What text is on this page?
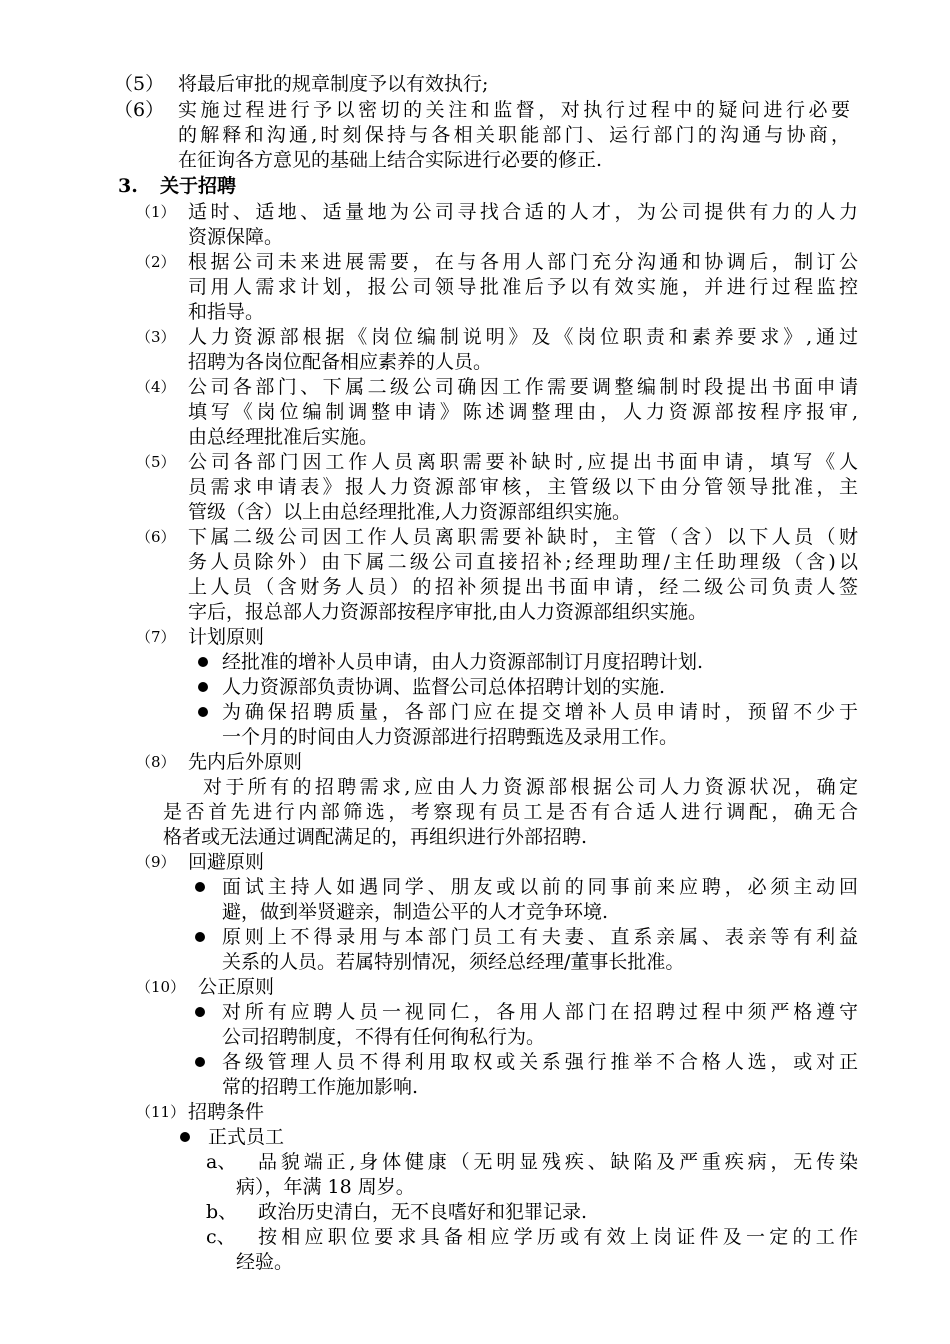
（5） 将最后审批的规章制度予以有效执行;
（6） 实施过程进行予以密切的关注和监督，对执行过程中的疑问进行必要
的解释和沟通,时刻保持与各相关职能部门、运行部门的沟通与协商，
在征询各方意见的基础上结合实际进行必要的修正.
3. 关于招聘
（1） 适时、适地、适量地为公司寻找合适的人才，为公司提供有力的人力
资源保障。
（2） 根据公司未来进展需要，在与各用人部门充分沟通和协调后，制订公
司用人需求计划，报公司领导批准后予以有效实施，并进行过程监控
和指导。
（3） 人力资源部根据《岗位编制说明》及《岗位职责和素养要求》,通过
招聘为各岗位配备相应素养的人员。
（4） 公司各部门、下属二级公司确因工作需要调整编制时段提出书面申请
填写《岗位编制调整申请》陈述调整理由，人力资源部按程序报审,
由总经理批准后实施。
（5） 公司各部门因工作人员离职需要补缺时,应提出书面申请，填写《人
员需求申请表》报人力资源部审核，主管级以下由分管领导批准，主
管级（含）以上由总经理批准,人力资源部组织实施。
（6） 下属二级公司因工作人员离职需要补缺时，主管（含）以下人员（财
务人员除外）由下属二级公司直接招补;经理助理/主任助理级（含)以
上人员（含财务人员）的招补须提出书面申请，经二级公司负责人签
字后，报总部人力资源部按程序审批,由人力资源部组织实施。
（7） 计划原则
经批准的增补人员申请，由人力资源部制订月度招聘计划.
人力资源部负责协调、监督公司总体招聘计划的实施.
为确保招聘质量，各部门应在提交增补人员申请时，预留不少于
一个月的时间由人力资源部进行招聘甄选及录用工作。
（8） 先内后外原则
对于所有的招聘需求,应由人力资源部根据公司人力资源状况，确定
是否首先进行内部筛选，考察现有员工是否有合适人进行调配，确无合
格者或无法通过调配满足的，再组织进行外部招聘.
（9） 回避原则
面试主持人如遇同学、朋友或以前的同事前来应聘，必须主动回
避，做到举贤避亲，制造公平的人才竞争环境.
原则上不得录用与本部门员工有夫妻、直系亲属、表亲等有利益
关系的人员。若属特别情况，须经总经理/董事长批准。
（10） 公正原则
对所有应聘人员一视同仁，各用人部门在招聘过程中须严格遵守
公司招聘制度，不得有任何徇私行为。
各级管理人员不得利用取权或关系强行推举不合格人选，或对正
常的招聘工作施加影响.
（11） 招聘条件
正式员工
a、 品貌端正,身体健康（无明显残疾、缺陷及严重疾病，无传染
病），年满 18 周岁。
b、 政治历史清白，无不良嗜好和犯罪记录.
c、 按相应职位要求具备相应学历或有效上岗证件及一定的工作
经验。
